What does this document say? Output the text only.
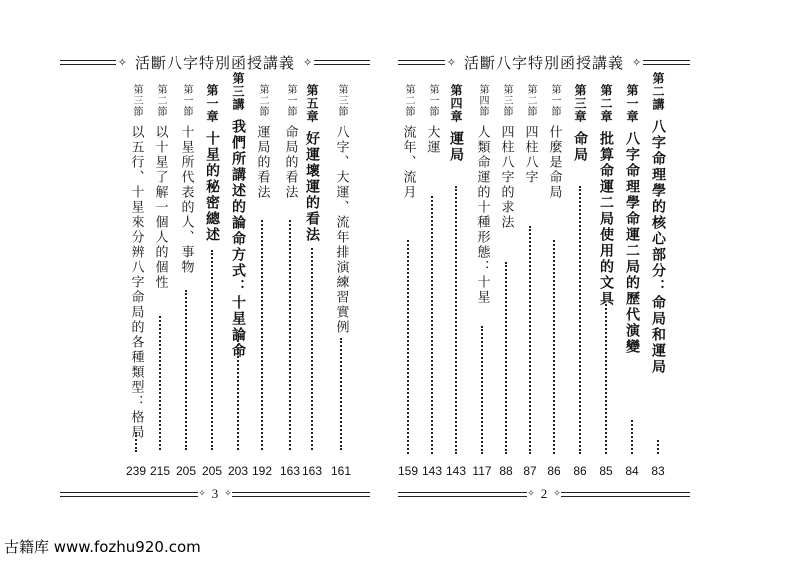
✧ 活斷八字特別函授講義 ✧
第三節
八字、大運、流年排演練習實例
161
第五章
好運壞運的看法
163
第一節
命局的看法
163
第二節
運局的看法
192
第三講
我們所講述的論命方式：十星論命
203
第一章
十星的秘密總述
205
第一節
十星所代表的人、事物
205
第二節
以十星了解一個人的個性
215
第三節
以五行、十星來分辨八字命局的各種類型：格局
239
✧ 3 ✧
✧ 活斷八字特別函授講義 ✧
第二講
八字命理學的核心部分：命局和運局
83
第一章
八字命理學命運二局的歷代演變
84
第二章
批算命運二局使用的文具
85
第三章
命局
86
第一節
什麼是命局
86
第二節
四柱八字
87
第三節
四柱八字的求法
88
第四節
人類命運的十種形態：十星
117
第四章
運局
143
第一節
大運
143
第二節
流年、流月
159
✧ 2 ✧
古籍库 www.fozhu920.com
